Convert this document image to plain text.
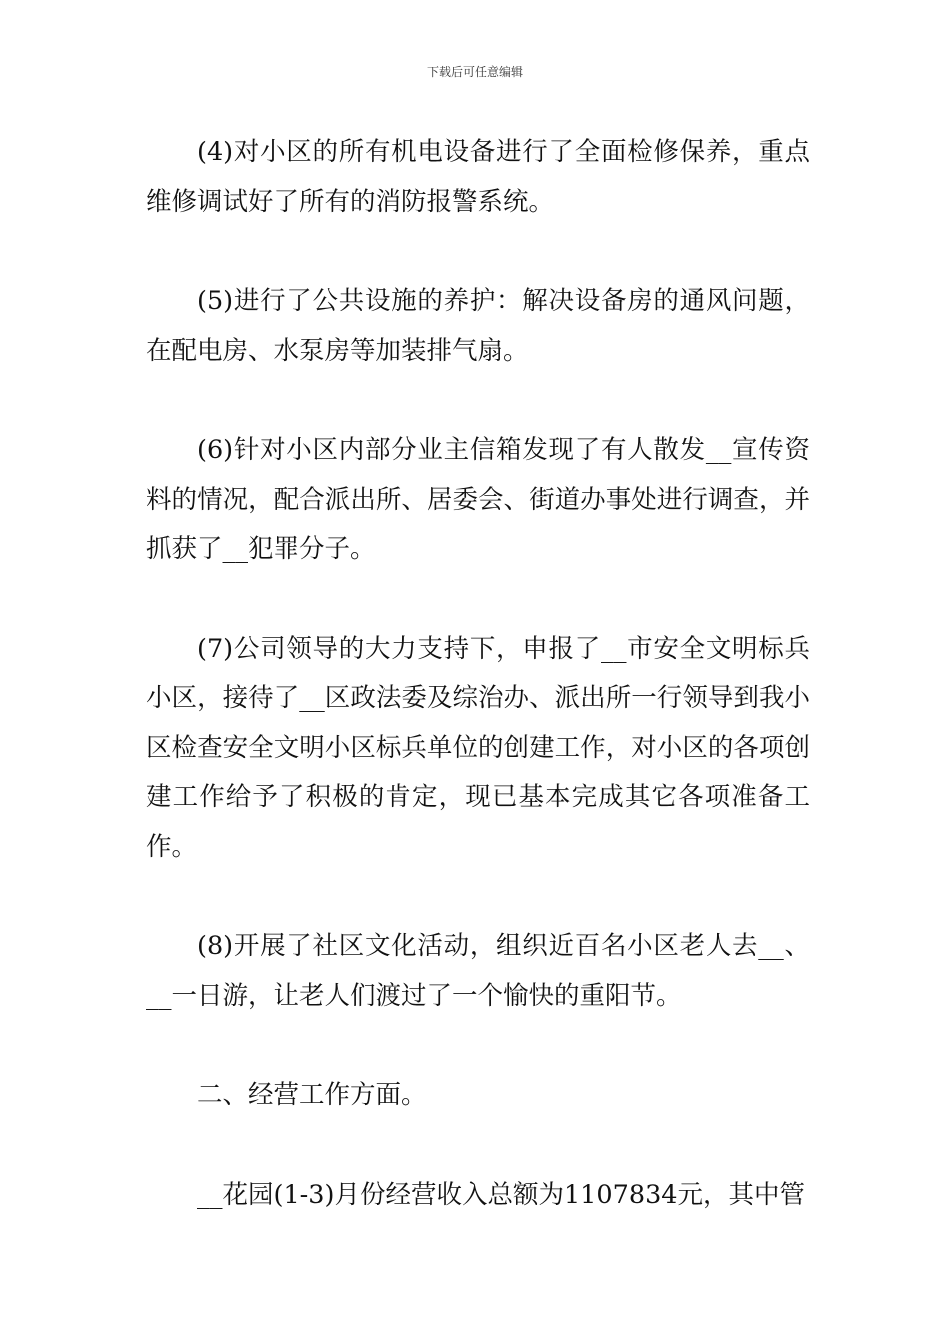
下载后可任意编辑

(4)对小区的所有机电设备进行了全面检修保养，重点维修调试好了所有的消防报警系统。

(5)进行了公共设施的养护：解决设备房的通风问题，在配电房、水泵房等加装排气扇。

(6)针对小区内部分业主信箱发现了有人散发__宣传资料的情况，配合派出所、居委会、街道办事处进行调查，并抓获了__犯罪分子。

(7)公司领导的大力支持下，申报了__市安全文明标兵小区，接待了__区政法委及综治办、派出所一行领导到我小区检查安全文明小区标兵单位的创建工作，对小区的各项创建工作给予了积极的肯定，现已基本完成其它各项准备工作。

(8)开展了社区文化活动，组织近百名小区老人去__、__一日游，让老人们渡过了一个愉快的重阳节。

二、经营工作方面。

__花园(1-3)月份经营收入总额为1107834元，其中管
